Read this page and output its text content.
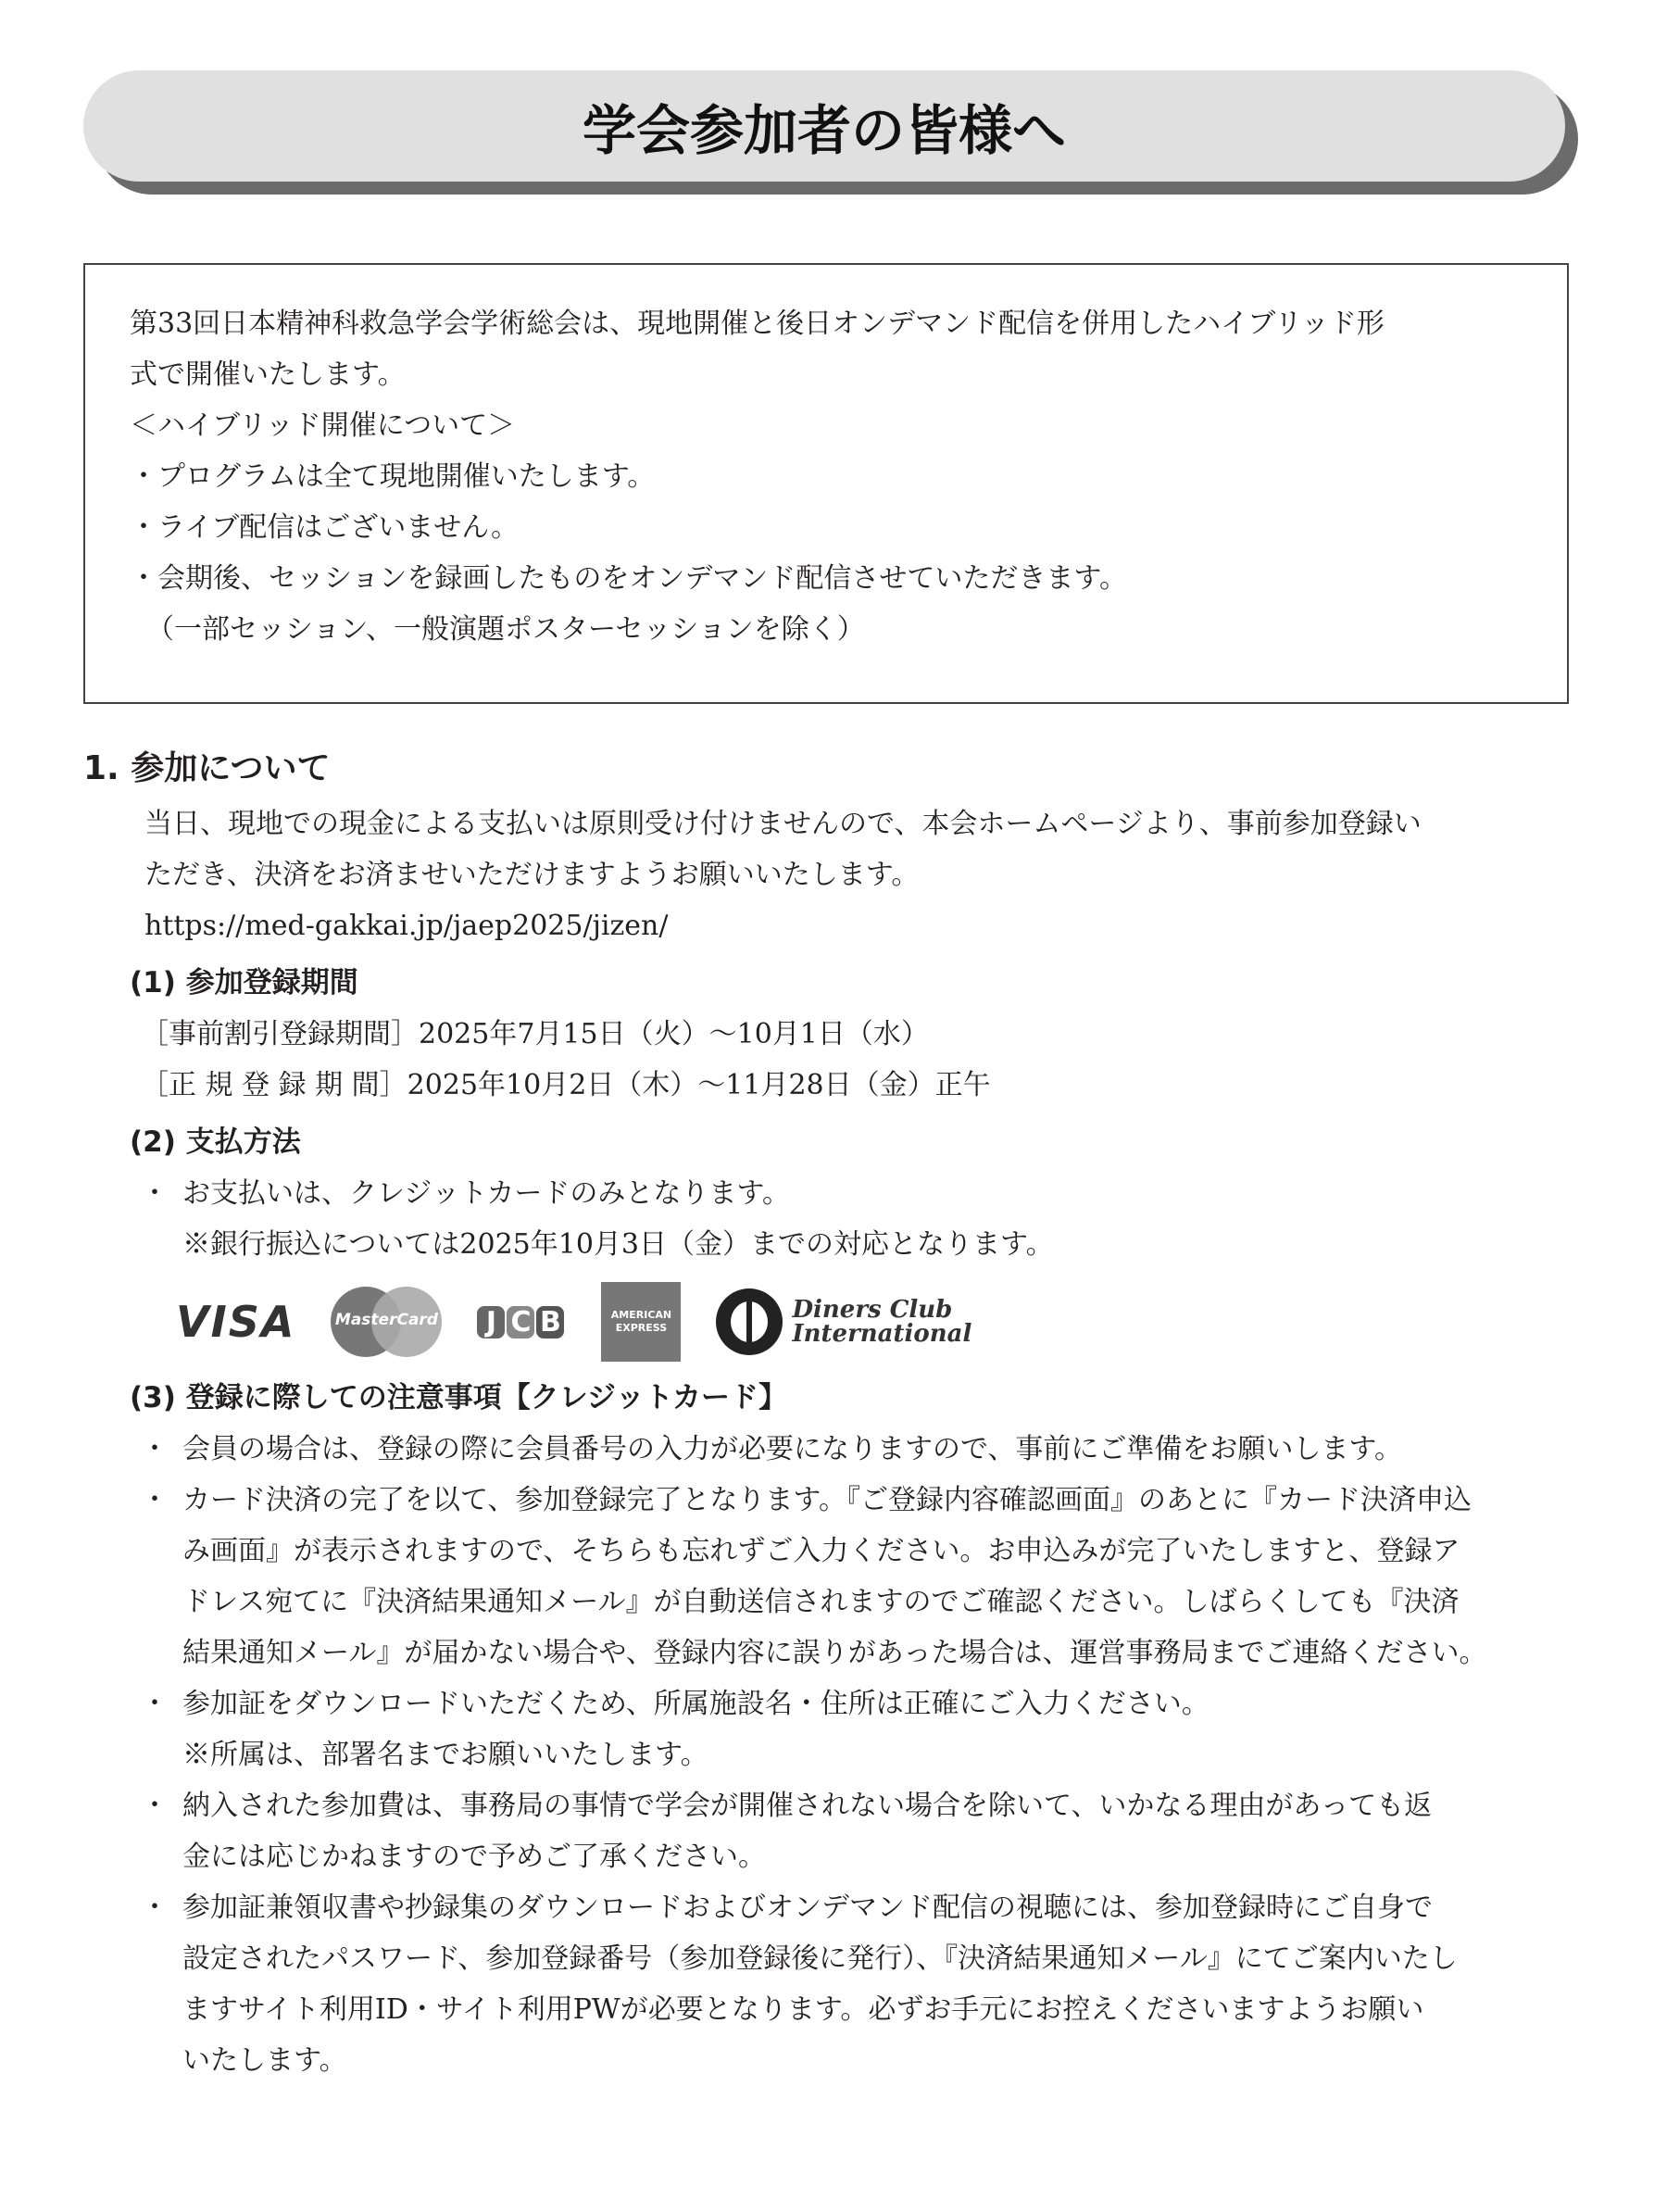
学会参加者の皆様へ

第33回日本精神科救急学会学術総会は、現地開催と後日オンデマンド配信を併用したハイブリッド形

式で開催いたします。

＜ハイブリッド開催について＞

・プログラムは全て現地開催いたします。

・ライブ配信はございません。

・会期後、セッションを録画したものをオンデマンド配信させていただきます。

（一部セッション、一般演題ポスターセッションを除く）

1. 参加について

当日、現地での現金による支払いは原則受け付けませんので、本会ホームページより、事前参加登録い

ただき、決済をお済ませいただけますようお願いいたします。

https://med-gakkai.jp/jaep2025/jizen/

(1) 参加登録期間

［事前割引登録期間］2025年7月15日（火）～10月1日（水）

［正 規 登 録 期 間］2025年10月2日（木）～11月28日（金）正午

(2) 支払方法

・ お支払いは、クレジットカードのみとなります。

※銀行振込については2025年10月3日（金）までの対応となります。

VISA MasterCard	J C B	AMERICAN EXPRESS
Diners Club
International

(3) 登録に際しての注意事項【クレジットカード】

・ 会員の場合は、登録の際に会員番号の入力が必要になりますので、事前にご準備をお願いします。

・ カード決済の完了を以て、参加登録完了となります。『ご登録内容確認画面』のあとに『カード決済申込

み画面』が表示されますので、そちらも忘れずご入力ください。お申込みが完了いたしますと、登録ア

ドレス宛てに『決済結果通知メール』が自動送信されますのでご確認ください。しばらくしても『決済

結果通知メール』が届かない場合や、登録内容に誤りがあった場合は、運営事務局までご連絡ください。

・ 参加証をダウンロードいただくため、所属施設名・住所は正確にご入力ください。

※所属は、部署名までお願いいたします。

・ 納入された参加費は、事務局の事情で学会が開催されない場合を除いて、いかなる理由があっても返

金には応じかねますので予めご了承ください。

・ 参加証兼領収書や抄録集のダウンロードおよびオンデマンド配信の視聴には、参加登録時にご自身で

設定されたパスワード、参加登録番号（参加登録後に発行）、『決済結果通知メール』にてご案内いたし

ますサイト利用ID・サイト利用PWが必要となります。必ずお手元にお控えくださいますようお願い

いたします。
